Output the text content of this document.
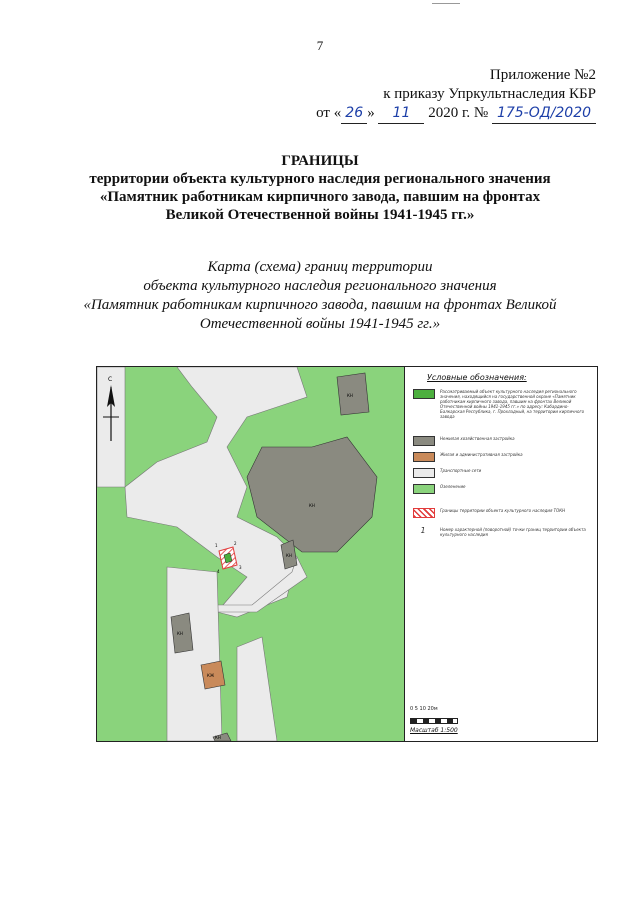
7
Приложение №2
к приказу Упркультнаследия КБР
от « 26 » 11 2020 г. № 175-ОД/2020
ГРАНИЦЫ
территории объекта культурного наследия регионального значения
«Памятник работникам кирпичного завода, павшим на фронтах
Великой Отечественной войны 1941-1945 гг.»
Карта (схема) границ территории
объекта культурного наследия регионального значения
«Памятник работникам кирпичного завода, павшим на фронтах Великой
Отечественной войны 1941-1945 гг.»
С
КН
КН
КН
КН
КЖ
КН
1	2
3
4
Условные обозначения:
Рассматриваемый объект культурного наследия регионального значения, находящийся на государственной охране «Памятник работникам кирпичного завода, павшим на фронтах Великой Отечественной войны 1941-1945 гг.» по адресу: Кабардино-Балкарская Республика, г. Прохладный, на территории кирпичного завода
Нежилая хозяйственная застройка
Жилая и административная застройка
Транспортные сети
Озеленение
Границы территории объекта культурного наследия ТОКН
1	Номер характерной (поворотной) точки границ территории объекта культурного наследия
0 5 10 20м
Масштаб 1:500
